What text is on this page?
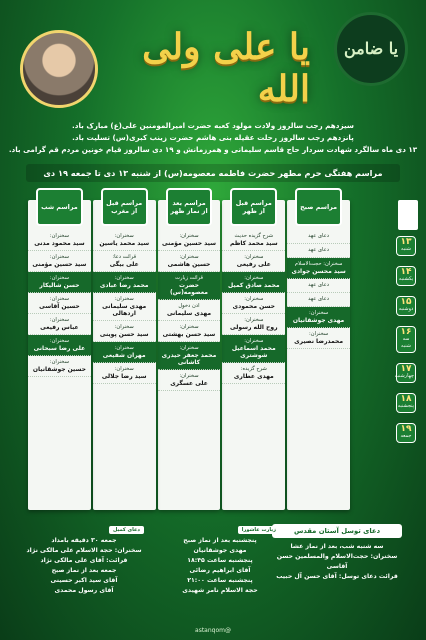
یا ضامن
یا علی ولی الله

سیزدهم رجب سالروز ولادت مولود کعبه حضرت امیرالمومنین علی(ع) مبارک باد.

پانزدهم رجب سالروز رحلت عقیله بنی هاشم حضرت زینب کبری(س) تسلیت باد.

۱۳ دی ماه سالگرد شهادت سردار حاج قاسم سلیمانی و همرزمانش و ۱۹ دی سالروز قیام خونین مردم قم گرامی باد.

مراسم هفتگی حرم مطهر حضرت فاطمه معصومه(س) از شنبه ۱۳ دی تا جمعه ۱۹ دی
مراسم صبح
دعای عهد
دعای عهد
سخنران: حجت‌الاسلام
سید محسن جوادی
دعای عهد
دعای عهد
سخنران:
مهدی جوشقانیان
سخنران:
محمدرضا نصیری
مراسم قبل از ظهر
شرح گزیده حدیث
سید محمد کاظم
سخنران:
علی رفیعی
سخنران:
محمد صادق کمیل
سخنران:
حسن محمودی
سخنران:
روح الله رسولی
سخنران:
محمد اسماعیل شوشتری
شرح گزیده:
مهدی عطاری
مراسم بعد از نماز ظهر
سخنران:
سید حسین مؤمنی
سخنران:
حسین هاشمی
قرائت زیارت
حضرت معصومه(س)
اذن دخول
مهدی سلیمانی
سخنران:
سید حسن بهشتی
سخنران:
محمد جعفر حیدری کاشانی
سخنران:
علی عسگری
مراسم قبل از مغرب
سخنران:
سید محمد یاسین
قرائت دعا:
علی بیگی
سخنران:
محمد رضا عبادی
سخنران:
مهدی سلیمانی اردهالی
سخنران:
سید حسن پوینی
سخنران:
مهران شفیعی
سخنران:
سید رضا جلالی
مراسم شب
سخنران:
سید محمود مدنی
سخنران:
سید حسین مؤمنی
سخنران:
حسن شالیکار
سخنران:
حسین آقاسی
سخنران:
عباس رفیعی
سخنران:
علی رضا سبحانی
سخنران:
حسین جوشقانیان
۱۳
شنبه
۱۴
یکشنبه
۱۵
دوشنبه
۱۶
سه شنبه
۱۷
چهارشنبه
۱۸
پنجشنبه
۱۹
جمعه
دعای توسل آستان مقدس
سه شنبه شب، بعد از نماز عشا
سخنران: حجت‌الاسلام والمسلمین حسن آقاسی
قرائت دعای توسل: آقای حسن آل حبیب
زیارت عاشورا
پنجشنبه بعد از نماز صبح
مهدی جوشقانیان
پنجشنبه ساعت ۱۸:۴۵
آقای ابراهیم رضائی
پنجشنبه ساعت ۲۱:۰۰
حجة الاسلام نامر شهیدی
دعای کمیل
جمعه ۳۰ دقیقه بامداد
سخنران: حجة الاسلام علی مالکی نژاد
قرائت: آقای علی مالکی نژاد
جمعه بعد از نماز صبح
آقای سید اکبر حسینی
آقای رسول محمدی
@astanqom
